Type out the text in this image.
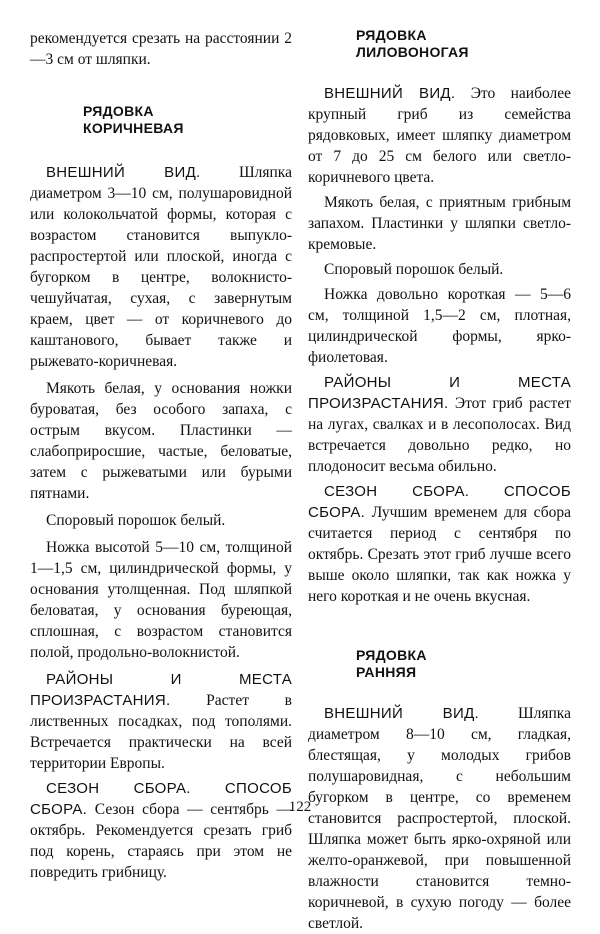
рекомендуется срезать на расстоянии 2—3 см от шляпки.

РЯДОВКА
КОРИЧНЕВАЯ

ВНЕШНИЙ ВИД. Шляпка диаметром 3—10 см, полушаровидной или колокольчатой формы, которая с возрастом становится выпукло-распростертой или плоской, иногда с бугорком в центре, волокнисто-чешуйчатая, сухая, с завернутым краем, цвет — от коричневого до каштанового, бывает также и рыжевато-коричневая.

Мякоть белая, у основания ножки буроватая, без особого запаха, с острым вкусом. Пластинки — слабоприросшие, частые, беловатые, затем с рыжеватыми или бурыми пятнами.

Споровый порошок белый.

Ножка высотой 5—10 см, толщиной 1—1,5 см, цилиндрической формы, у основания утолщенная. Под шляпкой беловатая, у основания буреющая, сплошная, с возрастом становится полой, продольно-волокнистой.

РАЙОНЫ И МЕСТА ПРОИЗРАСТАНИЯ. Растет в лиственных посадках, под тополями. Встречается практически на всей территории Европы.

СЕЗОН СБОРА. СПОСОБ СБОРА. Сезон сбора — сентябрь — октябрь. Рекомендуется срезать гриб под корень, стараясь при этом не повредить грибницу.

РЯДОВКА
ЛИЛОВОНОГАЯ

ВНЕШНИЙ ВИД. Это наиболее крупный гриб из семейства рядовковых, имеет шляпку диаметром от 7 до 25 см белого или светло-коричневого цвета.

Мякоть белая, с приятным грибным запахом. Пластинки у шляпки светло-кремовые.

Споровый порошок белый.

Ножка довольно короткая — 5—6 см, толщиной 1,5—2 см, плотная, цилиндрической формы, ярко-фиолетовая.

РАЙОНЫ И МЕСТА ПРОИЗРАСТАНИЯ. Этот гриб растет на лугах, свалках и в лесополосах. Вид встречается довольно редко, но плодоносит весьма обильно.

СЕЗОН СБОРА. СПОСОБ СБОРА. Лучшим временем для сбора считается период с сентября по октябрь. Срезать этот гриб лучше всего выше около шляпки, так как ножка у него короткая и не очень вкусная.

РЯДОВКА
РАННЯЯ

ВНЕШНИЙ ВИД.	Шляпка диаметром 8—10 см, гладкая, блестящая, у молодых грибов полушаровидная, с небольшим бугорком в центре, со временем становится распростертой, плоской. Шляпка может быть ярко-охряной или желто-оранжевой, при повышенной влажности становится темно-коричневой, в сухую погоду — более светлой.

122
